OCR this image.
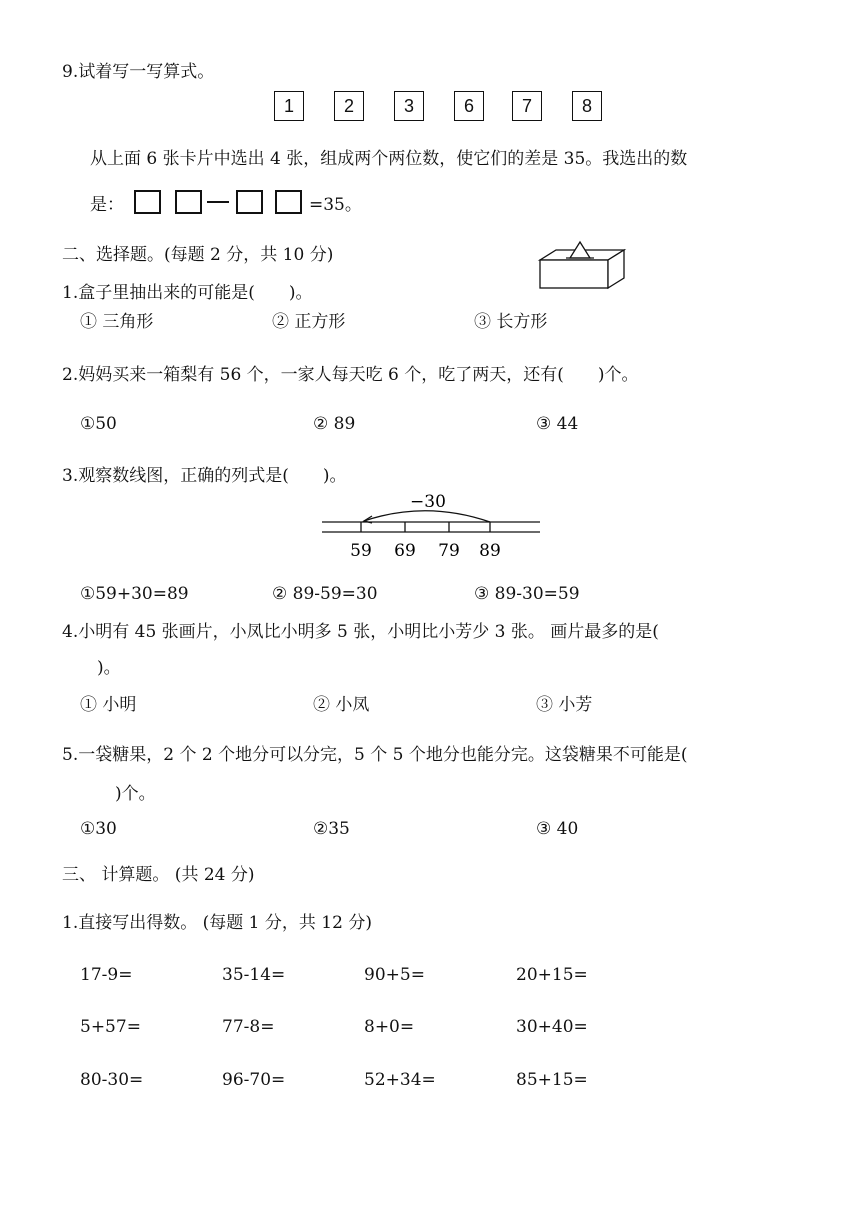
9.试着写一写算式。
1	2	3	6	7	8
从上面 6 张卡片中选出 4 张，组成两个两位数，使它们的差是 35。我选出的数
是：	=35。
二、选择题。(每题 2 分，共 10 分)
1.盒子里抽出来的可能是(　　)。
① 三角形	② 正方形	③ 长方形
2.妈妈买来一箱梨有 56 个，一家人每天吃 6 个，吃了两天，还有(　　)个。
①50	② 89	③ 44
3.观察数线图，正确的列式是(　　)。
−30
59 69 79 89
①59+30=89	② 89-59=30	③ 89-30=59
4.小明有 45 张画片，小凤比小明多 5 张，小明比小芳少 3 张。 画片最多的是(
)。
① 小明	② 小凤	③ 小芳
5.一袋糖果，2 个 2 个地分可以分完，5 个 5 个地分也能分完。这袋糖果不可能是(
)个。
①30	②35	③ 40
三、 计算题。 (共 24 分)
1.直接写出得数。 (每题 1 分，共 12 分)
17-9=	35-14=	90+5=	20+15=
5+57=	77-8=	8+0=	30+40=
80-30=	96-70=	52+34=	85+15=
